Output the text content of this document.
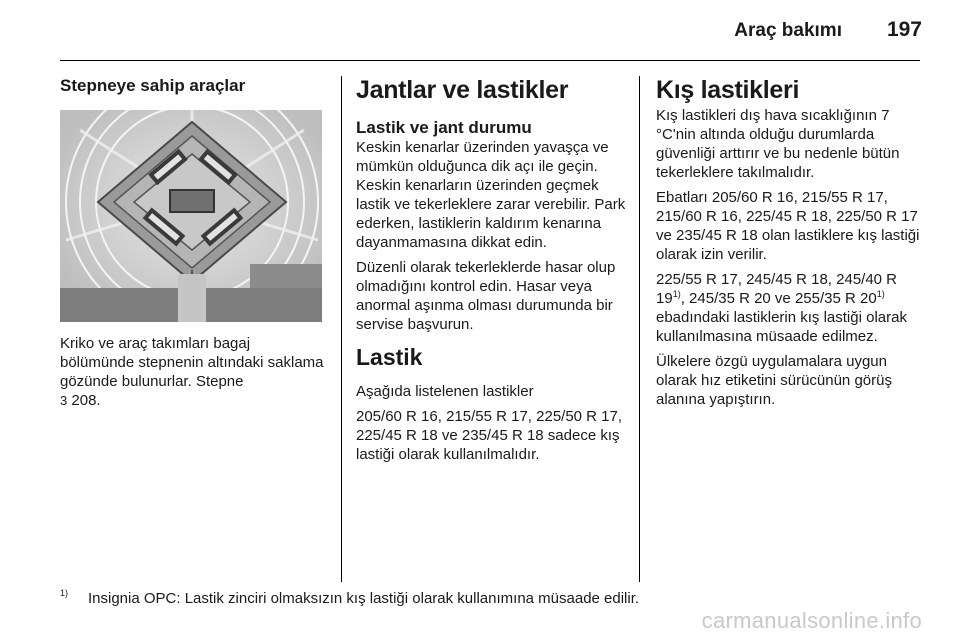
Araç bakımı 197
Stepneye sahip araçlar

Kriko ve araç takımları bagaj bölümünde stepnenin altındaki saklama gözünde bulunurlar. Stepne
3 208.

Jantlar ve lastikler
Lastik ve jant durumu

Keskin kenarlar üzerinden yavaşça ve mümkün olduğunca dik açı ile geçin. Keskin kenarların üzerinden geçmek lastik ve tekerleklere zarar verebilir. Park ederken, lastiklerin kaldırım kenarına dayanmamasına dikkat edin.

Düzenli olarak tekerleklerde hasar olup olmadığını kontrol edin. Hasar veya anormal aşınma olması durumunda bir servise başvurun.

Lastik

Aşağıda listelenen lastikler

205/60 R 16, 215/55 R 17, 225/50 R 17, 225/45 R 18 ve 235/45 R 18 sadece kış lastiği olarak kullanılmalıdır.

Kış lastikleri

Kış lastikleri dış hava sıcaklığının 7 °C'nin altında olduğu durumlarda güvenliği arttırır ve bu nedenle bütün tekerleklere takılmalıdır.

Ebatları 205/60 R 16, 215/55 R 17, 215/60 R 16, 225/45 R 18, 225/50 R 17 ve 235/45 R 18 olan lastiklere kış lastiği olarak izin verilir.

225/55 R 17, 245/45 R 18, 245/40 R 19$^{1)}$, 245/35 R 20 ve 255/35 R 20$^{1)}$ ebadındaki lastiklerin kış lastiği olarak kullanılmasına müsaade edilmez.

Ülkelere özgü uygulamalara uygun olarak hız etiketini sürücünün görüş alanına yapıştırın.

1) Insignia OPC: Lastik zinciri olmaksızın kış lastiği olarak kullanımına müsaade edilir.
carmanualsonline.info
